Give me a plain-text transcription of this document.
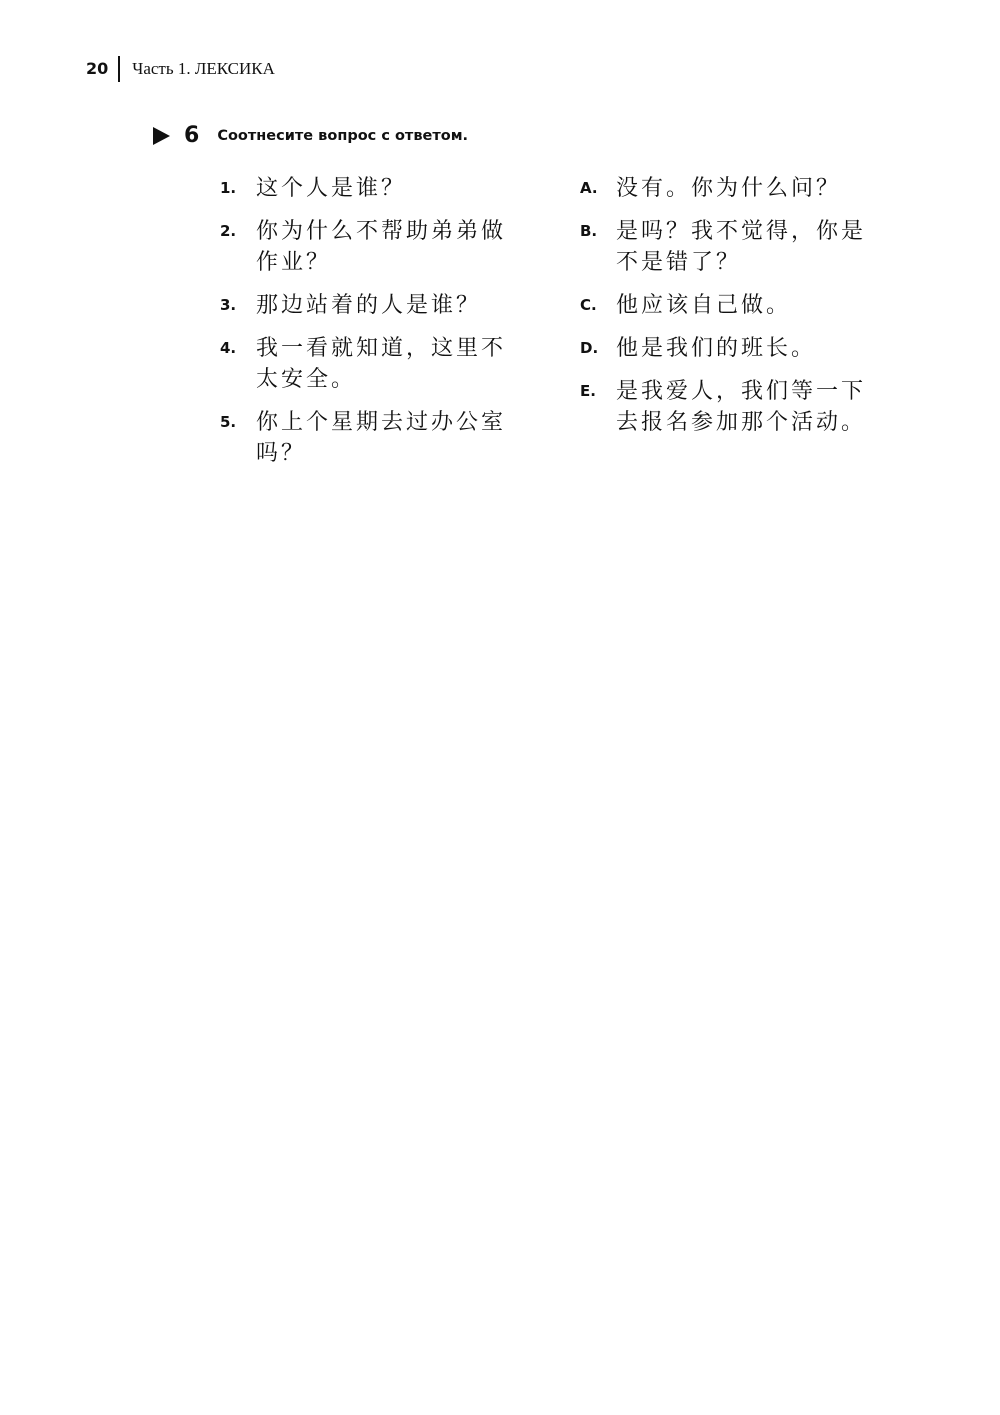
20	Часть 1. ЛЕКСИКА
6 Соотнесите вопрос с ответом.
1. 这个人是谁？
2. 你为什么不帮助弟弟做作业？
3. 那边站着的人是谁？
4. 我一看就知道，这里不太安全。
5. 你上个星期去过办公室吗？
A. 没有。你为什么问？
B. 是吗？我不觉得，你是不是错了？
C. 他应该自己做。
D. 他是我们的班长。
E. 是我爱人，我们等一下去报名参加那个活动。
